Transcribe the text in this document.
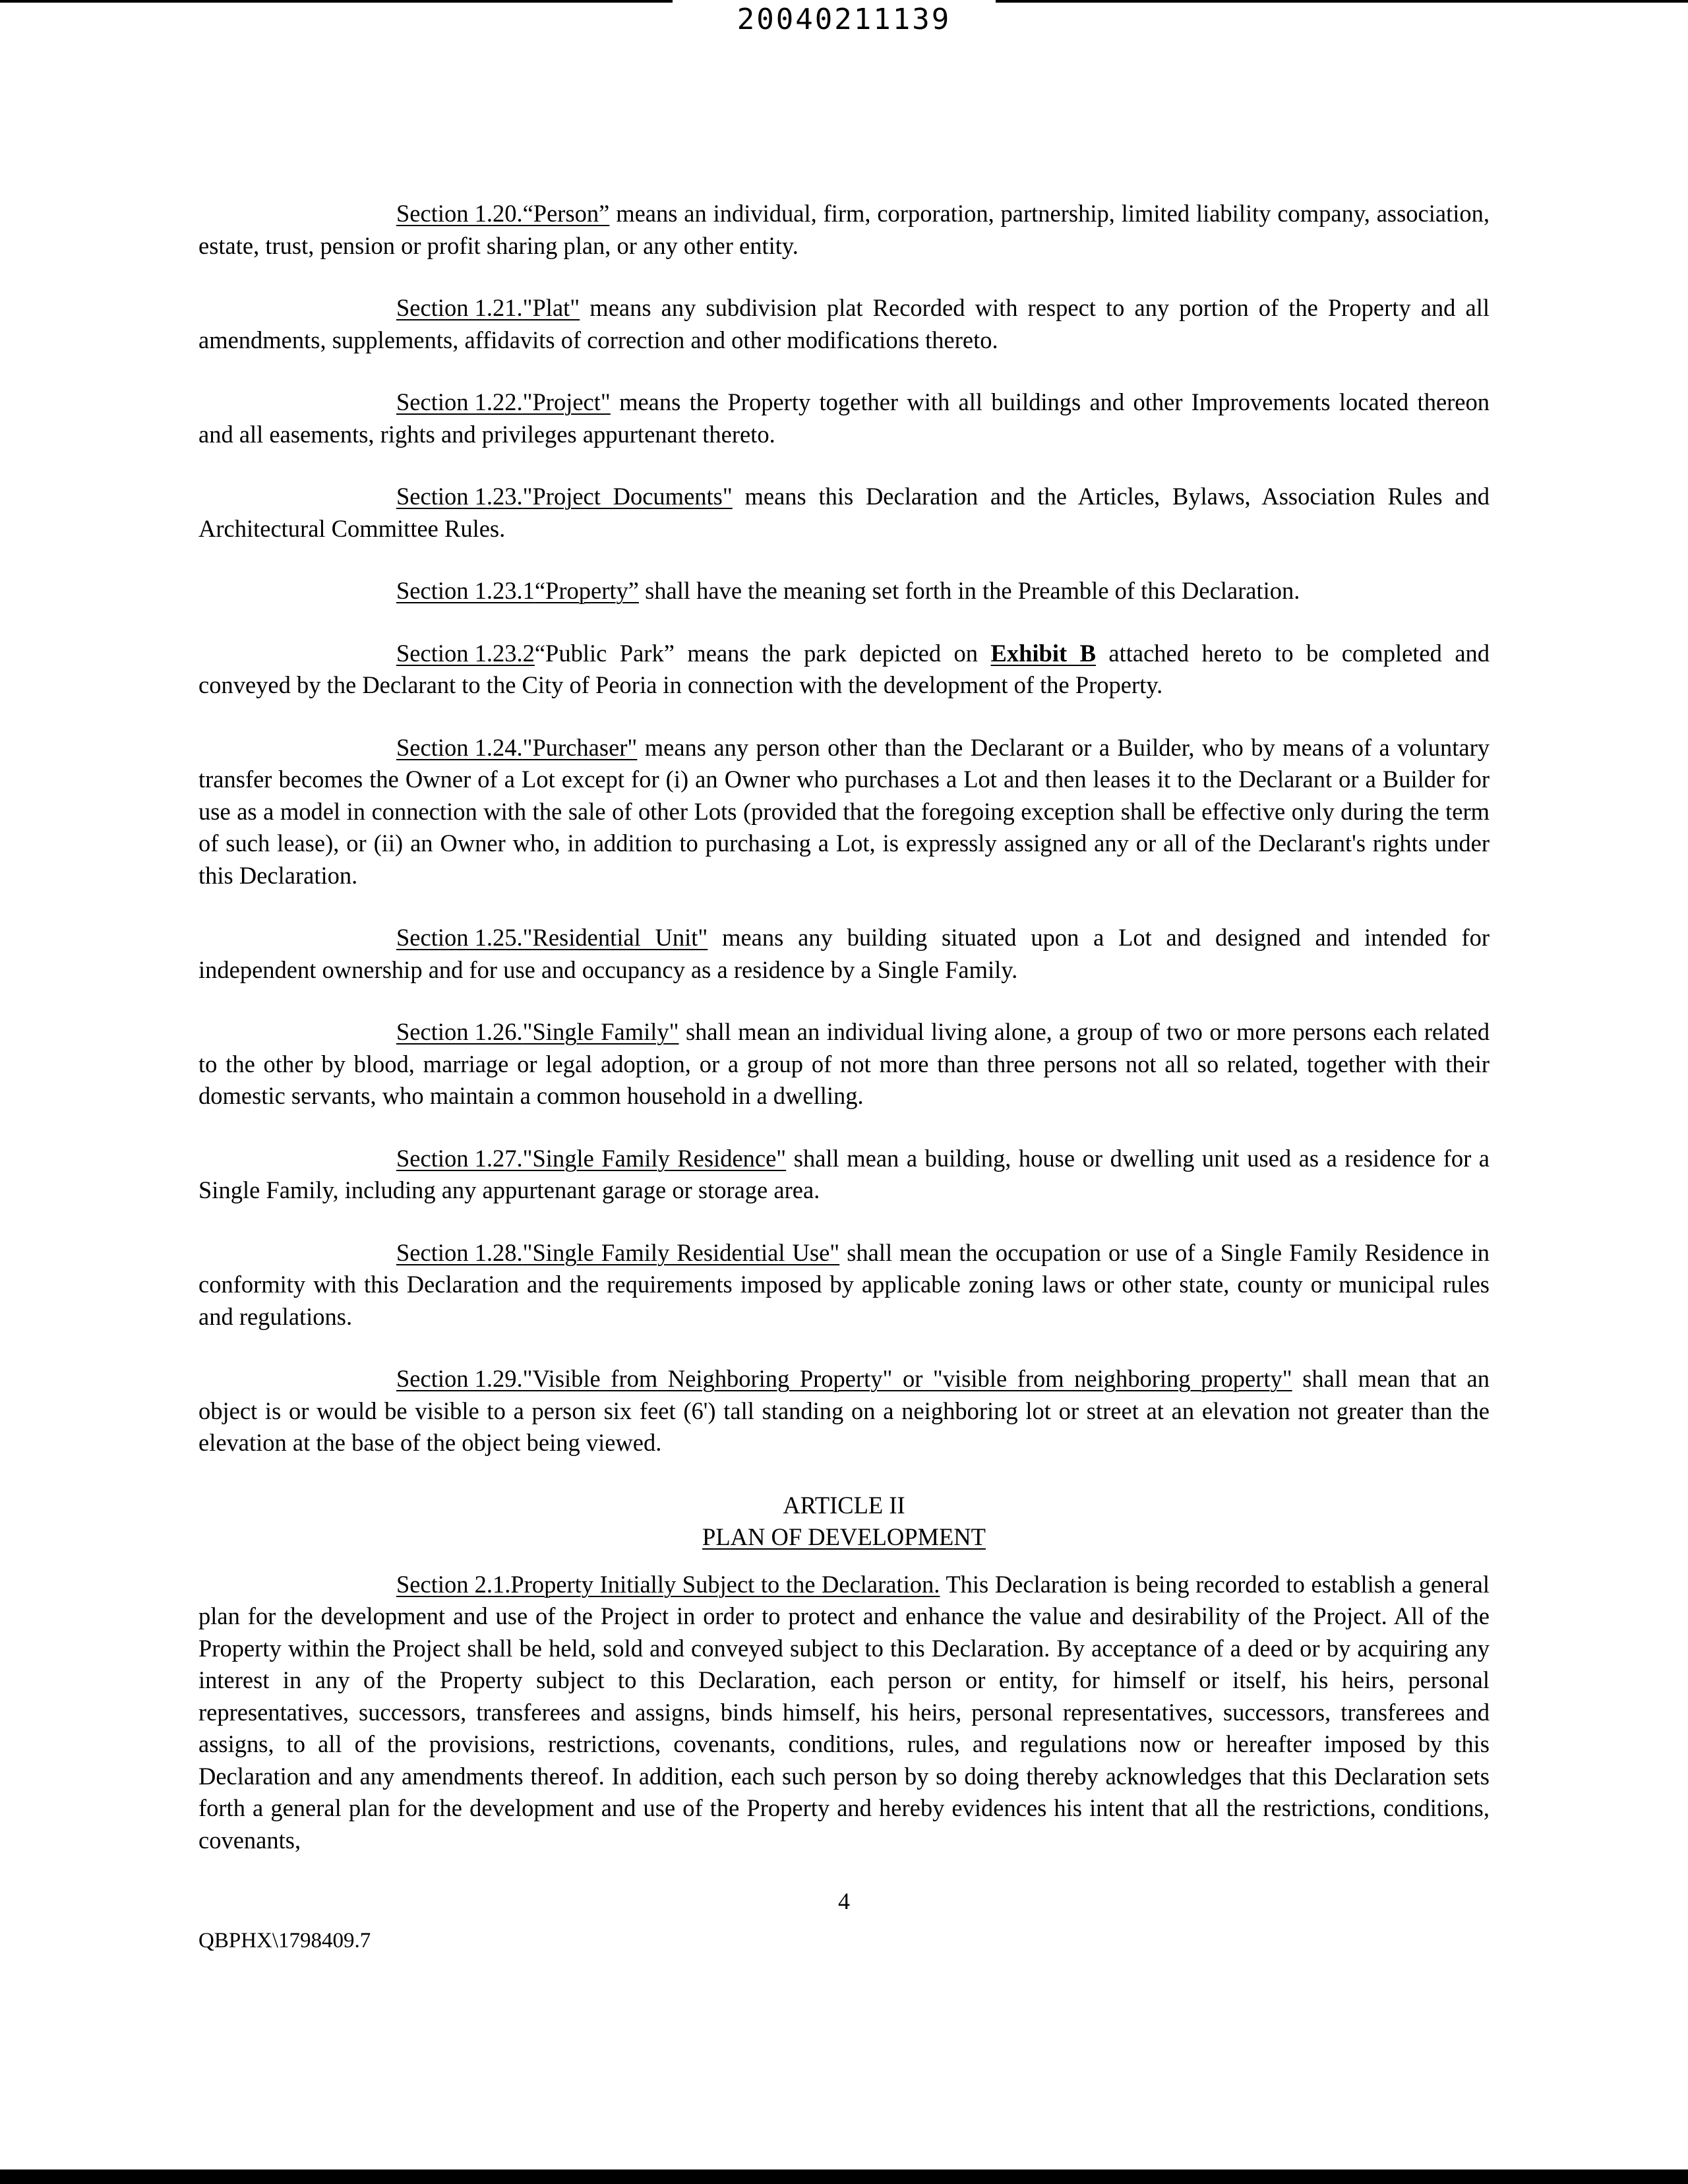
20040211139

Section 1.20.“Person” means an individual, firm, corporation, partnership, limited liability company, association, estate, trust, pension or profit sharing plan, or any other entity.

Section 1.21."Plat" means any subdivision plat Recorded with respect to any portion of the Property and all amendments, supplements, affidavits of correction and other modifications thereto.

Section 1.22."Project" means the Property together with all buildings and other Improvements located thereon and all easements, rights and privileges appurtenant thereto.

Section 1.23."Project Documents" means this Declaration and the Articles, Bylaws, Association Rules and Architectural Committee Rules.

Section 1.23.1“Property” shall have the meaning set forth in the Preamble of this Declaration.

Section 1.23.2“Public Park” means the park depicted on Exhibit B attached hereto to be completed and conveyed by the Declarant to the City of Peoria in connection with the development of the Property.

Section 1.24."Purchaser" means any person other than the Declarant or a Builder, who by means of a voluntary transfer becomes the Owner of a Lot except for (i) an Owner who purchases a Lot and then leases it to the Declarant or a Builder for use as a model in connection with the sale of other Lots (provided that the foregoing exception shall be effective only during the term of such lease), or (ii) an Owner who, in addition to purchasing a Lot, is expressly assigned any or all of the Declarant's rights under this Declaration.

Section 1.25."Residential Unit" means any building situated upon a Lot and designed and intended for independent ownership and for use and occupancy as a residence by a Single Family.

Section 1.26."Single Family" shall mean an individual living alone, a group of two or more persons each related to the other by blood, marriage or legal adoption, or a group of not more than three persons not all so related, together with their domestic servants, who maintain a common household in a dwelling.

Section 1.27."Single Family Residence" shall mean a building, house or dwelling unit used as a residence for a Single Family, including any appurtenant garage or storage area.

Section 1.28."Single Family Residential Use" shall mean the occupation or use of a Single Family Residence in conformity with this Declaration and the requirements imposed by applicable zoning laws or other state, county or municipal rules and regulations.

Section 1.29."Visible from Neighboring Property" or "visible from neighboring property" shall mean that an object is or would be visible to a person six feet (6') tall standing on a neighboring lot or street at an elevation not greater than the elevation at the base of the object being viewed.

ARTICLE II
PLAN OF DEVELOPMENT

Section 2.1.Property Initially Subject to the Declaration. This Declaration is being recorded to establish a general plan for the development and use of the Project in order to protect and enhance the value and desirability of the Project. All of the Property within the Project shall be held, sold and conveyed subject to this Declaration. By acceptance of a deed or by acquiring any interest in any of the Property subject to this Declaration, each person or entity, for himself or itself, his heirs, personal representatives, successors, transferees and assigns, binds himself, his heirs, personal representatives, successors, transferees and assigns, to all of the provisions, restrictions, covenants, conditions, rules, and regulations now or hereafter imposed by this Declaration and any amendments thereof. In addition, each such person by so doing thereby acknowledges that this Declaration sets forth a general plan for the development and use of the Property and hereby evidences his intent that all the restrictions, conditions, covenants,

4
QBPHX\1798409.7
